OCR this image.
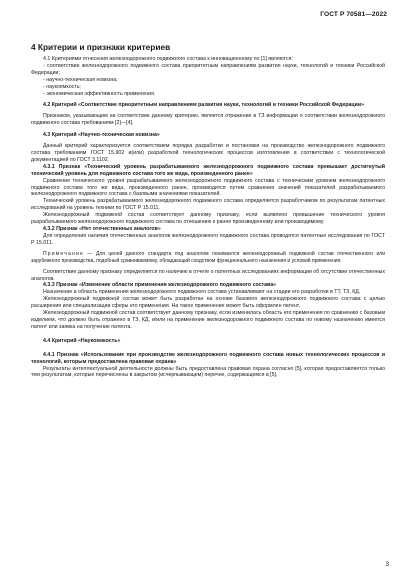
ГОСТ Р 70581—2022
4 Критерии и признаки критериев

4.1 Критериями отнесения железнодорожного подвижного состава к инновационному по [1] являются:

- соответствие железнодорожного подвижного состава приоритетным направлениям развития науки, технологий и техники Российской Федерации;

- научно-техническая новизна;

- наукоемкость;

- экономическая эффективность применения.

4.2 Критерий «Соответствие приоритетным направлениям развития науки, технологий и техники Российской Федерации»

Признаком, указывающим на соответствие данному критерию, является отражение в ТЗ информации о соответствии железнодорожного подвижного состава требованиям [2]—[4].

4.3 Критерий «Научно-техническая новизна»

Данный критерий характеризуется соответствием порядка разработки и постановки на производство железнодорожного подвижного состава требованиям ГОСТ 15.902 и(или) разработкой технологических процессов изготовления в соответствии с технологической документацией по ГОСТ 3.1102.

4.3.1 Признак «Технический уровень разрабатываемого железнодорожного подвижного состава превышает достигнутый технический уровень для подвижного состава того же вида, произведенного ранее»

Сравнение технического уровня разрабатываемого железнодорожного подвижного состава с техническим уровнем железнодорожного подвижного состава того же вида, произведенного ранее, производится путем сравнения значений показателей разрабатываемого железнодорожного подвижного состава с базовыми значениями показателей.

Технический уровень разрабатываемого железнодорожного подвижного состава определяется разработчиком по результатам патентных исследований на уровень техники по ГОСТ Р 15.011.

Железнодорожный подвижной состав соответствует данному признаку, если выявлено превышение технического уровня разрабатываемого железнодорожного подвижного состава по отношению к ранее произведенному или производимому.

4.3.2 Признак «Нет отечественных аналогов»

Для определения наличия отечественных аналогов железнодорожного подвижного состава проводятся патентные исследования по ГОСТ Р 15.011.

Примечание — Для целей данного стандарта под аналогом понимается железнодорожный подвижной состав отечественного или зарубежного производства, подобный сравниваемому, обладающий сходством функционального назначения и условий применения.

Соответствие данному признаку определяется по наличию в отчете о патентных исследованиях информации об отсутствии отечественных аналогов.

4.3.3 Признак «Изменение области применения железнодорожного подвижного состава»

Назначение и область применения железнодорожного подвижного состава устанавливают на стадии его разработки в ТТ, ТЗ, КД.

Железнодорожный подвижной состав может быть разработан на основе базового железнодорожного подвижного состава с целью расширения или специализации сферы его применения. На такое применение может быть оформлен патент.

Железнодорожный подвижной состав соответствует данному признаку, если изменилась область его применения по сравнению с базовым изделием, что должно быть отражено в ТЗ, КД, и/или на применение железнодорожного подвижного состава по новому назначению имеется патент или заявка на получение патента.

4.4 Критерий «Наукоемкость»

4.4.1 Признак «Использование при производстве железнодорожного подвижного состава новых технологических процессов и технологий, которым предоставлена правовая охрана»

Результаты интеллектуальной деятельности должны быть предоставлена правовая охрана согласно [5], которая предоставляется только тем результатам, которые перечислены в закрытом (исчерпывающем) перечне, содержащемся в [5].

3
